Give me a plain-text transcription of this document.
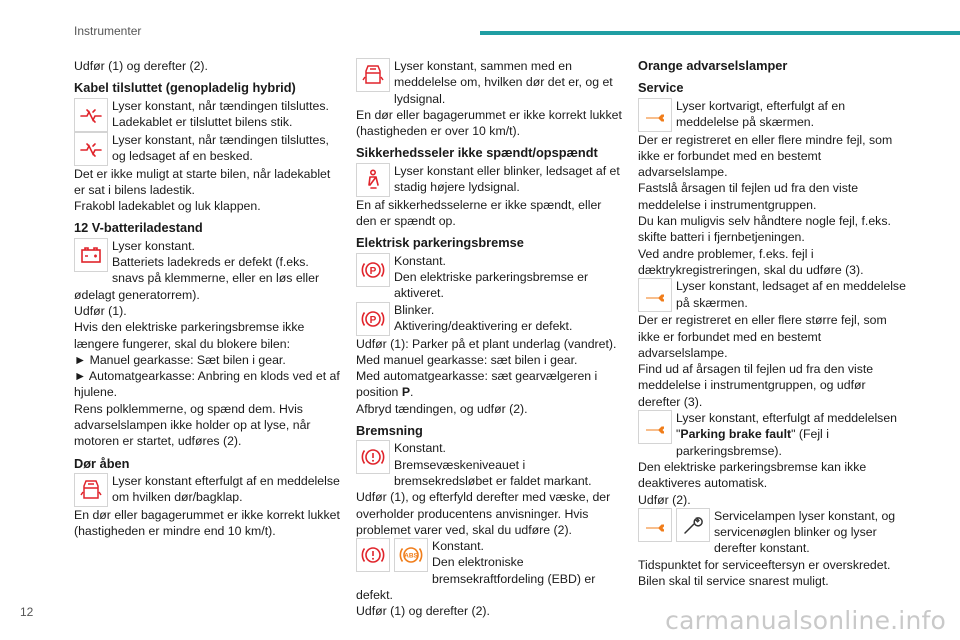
Instrumenter

Udfør (1) og derefter (2).

Kabel tilsluttet (genopladelig hybrid)

Lyser konstant, når tændingen tilsluttes. Ladekablet er tilsluttet bilens stik.

Lyser konstant, når tændingen tilsluttes, og ledsaget af en besked.

Det er ikke muligt at starte bilen, når ladekablet er sat i bilens ladestik.

Frakobl ladekablet og luk klappen.

12 V-batteriladestand

Lyser konstant.

Batteriets ladekreds er defekt (f.eks. snavs på klemmerne, eller en løs eller ødelagt generatorrem).

Udfør (1).

Hvis den elektriske parkeringsbremse ikke længere fungerer, skal du blokere bilen:

► Manuel gearkasse: Sæt bilen i gear.

► Automatgearkasse: Anbring en klods ved et af hjulene.

Rens polklemmerne, og spænd dem. Hvis advarselslampen ikke holder op at lyse, når motoren er startet, udføres (2).

Dør åben

Lyser konstant efterfulgt af en meddelelse om hvilken dør/bagklap.

En dør eller bagagerummet er ikke korrekt lukket (hastigheden er mindre end 10 km/t).

Lyser konstant, sammen med en meddelelse om, hvilken dør det er, og et lydsignal.

En dør eller bagagerummet er ikke korrekt lukket (hastigheden er over 10 km/t).

Sikkerhedsseler ikke spændt/opspændt

Lyser konstant eller blinker, ledsaget af et stadig højere lydsignal.

En af sikkerhedsselerne er ikke spændt, eller den er spændt op.

Elektrisk parkeringsbremse

P

Konstant.

Den elektriske parkeringsbremse er aktiveret.

P

Blinker.

Aktivering/deaktivering er defekt.

Udfør (1): Parker på et plant underlag (vandret).

Med manuel gearkasse: sæt bilen i gear.

Med automatgearkasse: sæt gearvælgeren i position P.

Afbryd tændingen, og udfør (2).

Bremsning

Konstant.

Bremsevæskeniveauet i bremsekredsløbet er faldet markant.

Udfør (1), og efterfyld derefter med væske, der overholder producentens anvisninger. Hvis problemet varer ved, skal du udføre (2).

ABS

Konstant.

Den elektroniske bremsekraftfordeling (EBD) er defekt.

Udfør (1) og derefter (2).

Orange advarselslamper

Service

Lyser kortvarigt, efterfulgt af en meddelelse på skærmen.

Der er registreret en eller flere mindre fejl, som ikke er forbundet med en bestemt advarselslampe.

Fastslå årsagen til fejlen ud fra den viste meddelelse i instrumentgruppen.

Du kan muligvis selv håndtere nogle fejl, f.eks. skifte batteri i fjernbetjeningen.

Ved andre problemer, f.eks. fejl i dæktrykregistreringen, skal du udføre (3).

Lyser konstant, ledsaget af en meddelelse på skærmen.

Der er registreret en eller flere større fejl, som ikke er forbundet med en bestemt advarselslampe.

Find ud af årsagen til fejlen ud fra den viste meddelelse i instrumentgruppen, og udfør derefter (3).

Lyser konstant, efterfulgt af meddelelsen "Parking brake fault" (Fejl i parkeringsbremse).

Den elektriske parkeringsbremse kan ikke deaktiveres automatisk.

Udfør (2).

Servicelampen lyser konstant, og servicenøglen blinker og lyser derefter konstant.

Tidspunktet for serviceeftersyn er overskredet.

Bilen skal til service snarest muligt.

12	carmanualsonline.info
